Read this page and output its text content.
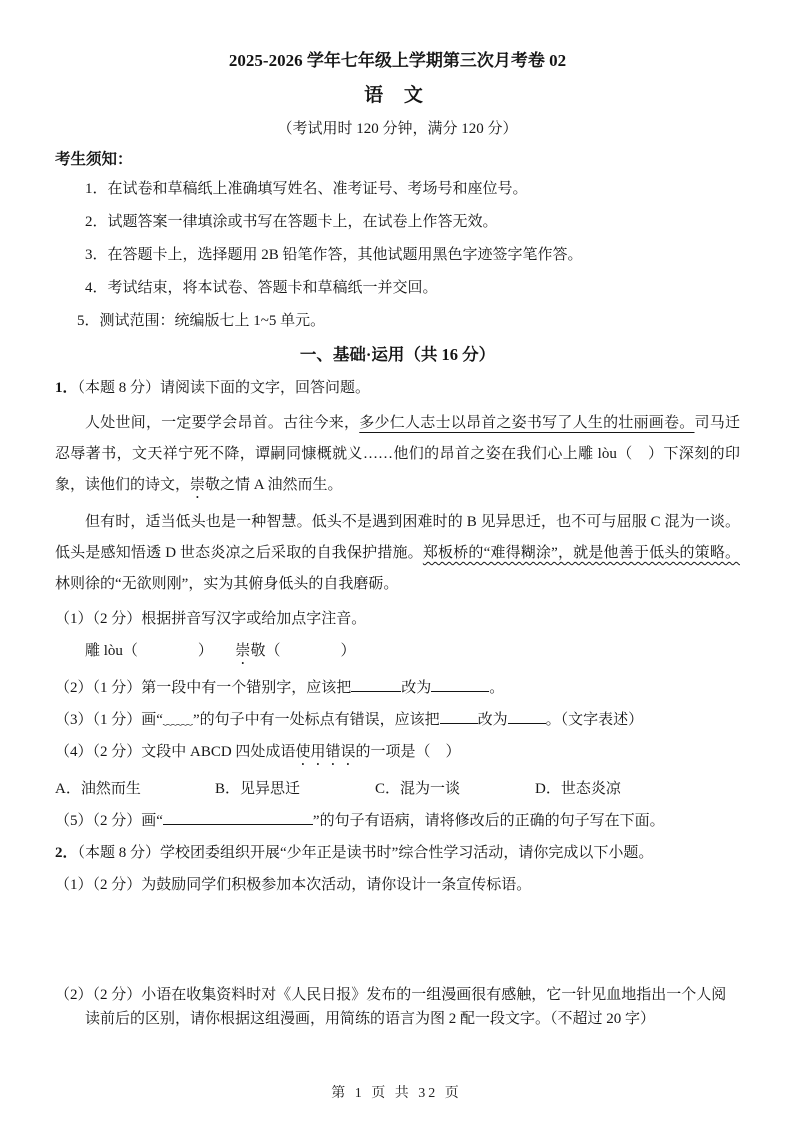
2025-2026 学年七年级上学期第三次月考卷 02
语 文
（考试用时 120 分钟，满分 120 分）
考生须知：
1．在试卷和草稿纸上准确填写姓名、准考证号、考场号和座位号。
2．试题答案一律填涂或书写在答题卡上，在试卷上作答无效。
3．在答题卡上，选择题用 2B 铅笔作答，其他试题用黑色字迹签字笔作答。
4．考试结束，将本试卷、答题卡和草稿纸一并交回。
5．测试范围：统编版七上 1~5 单元。
一、基础·运用（共 16 分）
1．（本题 8 分）请阅读下面的文字，回答问题。
人处世间，一定要学会昂首。古往今来，多少仁人志士以昂首之姿书写了人生的壮丽画卷。司马迁忍辱著书，文天祥宁死不降，谭嗣同慷概就义……他们的昂首之姿在我们心上雕 lòu（　）下深刻的印象，读他们的诗文，崇敬之情 A 油然而生。
但有时，适当低头也是一种智慧。低头不是遇到困难时的 B 见异思迁，也不可与屈服 C 混为一谈。低头是感知悟透 D 世态炎凉之后采取的自我保护措施。郑板桥的“难得糊涂”，就是他善于低头的策略。林则徐的“无欲则刚”，实为其俯身低头的自我磨砺。
（1）（2 分）根据拼音写汉字或给加点字注音。
雕 lòu（　　　　）　　崇敬（　　　　）
（2）（1 分）第一段中有一个错别字，应该把	改为	。
（3）（1 分）画“﹏﹏”的句子中有一处标点有错误，应该把	改为	。（文字表述）
（4）（2 分）文段中 ABCD 四处成语使用错误的一项是（　）
A．油然而生	B．见异思迁	C．混为一谈	D．世态炎凉
（5）（2 分）画“	”的句子有语病，请将修改后的正确的句子写在下面。
2．（本题 8 分）学校团委组织开展“少年正是读书时”综合性学习活动，请你完成以下小题。
（1）（2 分）为鼓励同学们积极参加本次活动，请你设计一条宣传标语。
（2）（2 分）小语在收集资料时对《人民日报》发布的一组漫画很有感触，它一针见血地指出一个人阅读前后的区别，请你根据这组漫画，用简练的语言为图 2 配一段文字。（不超过 20 字）
第 1 页 共 32 页
